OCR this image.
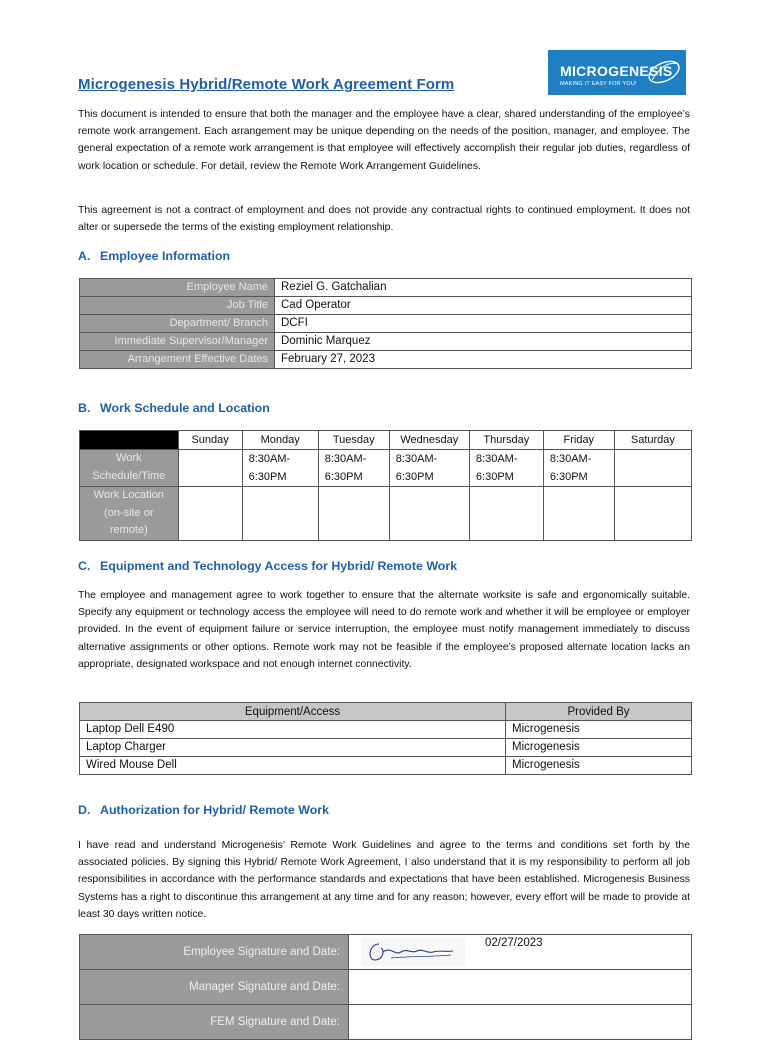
Microgenesis Hybrid/Remote Work Agreement Form
MICROGENESIS
MAKING IT EASY FOR YOU!

This document is intended to ensure that both the manager and the employee have a clear, shared understanding of the employee’s remote work arrangement. Each arrangement may be unique depending on the needs of the position, manager, and employee. The general expectation of a remote work arrangement is that employee will effectively accomplish their regular job duties, regardless of work location or schedule. For detail, review the Remote Work Arrangement Guidelines.

This agreement is not a contract of employment and does not provide any contractual rights to continued employment. It does not alter or supersede the terms of the existing employment relationship.

A. Employee Information
Employee Name	Reziel G. Gatchalian
Job Title	Cad Operator
Department/ Branch	DCFI
Immediate Supervisor/Manager	Dominic Marquez
Arrangement Effective Dates	February 27, 2023
B. Work Schedule and Location
	Sunday	Monday	Tuesday	Wednesday	Thursday	Friday	Saturday
Work Schedule/Time		8:30AM-6:30PM	8:30AM-6:30PM	8:30AM-6:30PM	8:30AM-6:30PM	8:30AM-6:30PM	
Work Location (on-site or remote)							
C. Equipment and Technology Access for Hybrid/ Remote Work

The employee and management agree to work together to ensure that the alternate worksite is safe and ergonomically suitable. Specify any equipment or technology access the employee will need to do remote work and whether it will be employee or employer provided. In the event of equipment failure or service interruption, the employee must notify management immediately to discuss alternative assignments or other options. Remote work may not be feasible if the employee’s proposed alternate location lacks an appropriate, designated workspace and not enough internet connectivity.

Equipment/Access	Provided By
Laptop Dell E490	Microgenesis
Laptop Charger	Microgenesis
Wired Mouse Dell	Microgenesis
D. Authorization for Hybrid/ Remote Work

I have read and understand Microgenesis’ Remote Work Guidelines and agree to the terms and conditions set forth by the associated policies. By signing this Hybrid/ Remote Work Agreement, I also understand that it is my responsibility to perform all job responsibilities in accordance with the performance standards and expectations that have been established. Microgenesis Business Systems has a right to discontinue this arrangement at any time and for any reason; however, every effort will be made to provide at least 30 days written notice.

Employee Signature and Date:	02/27/2023

Manager Signature and Date:	
FEM Signature and Date:	
